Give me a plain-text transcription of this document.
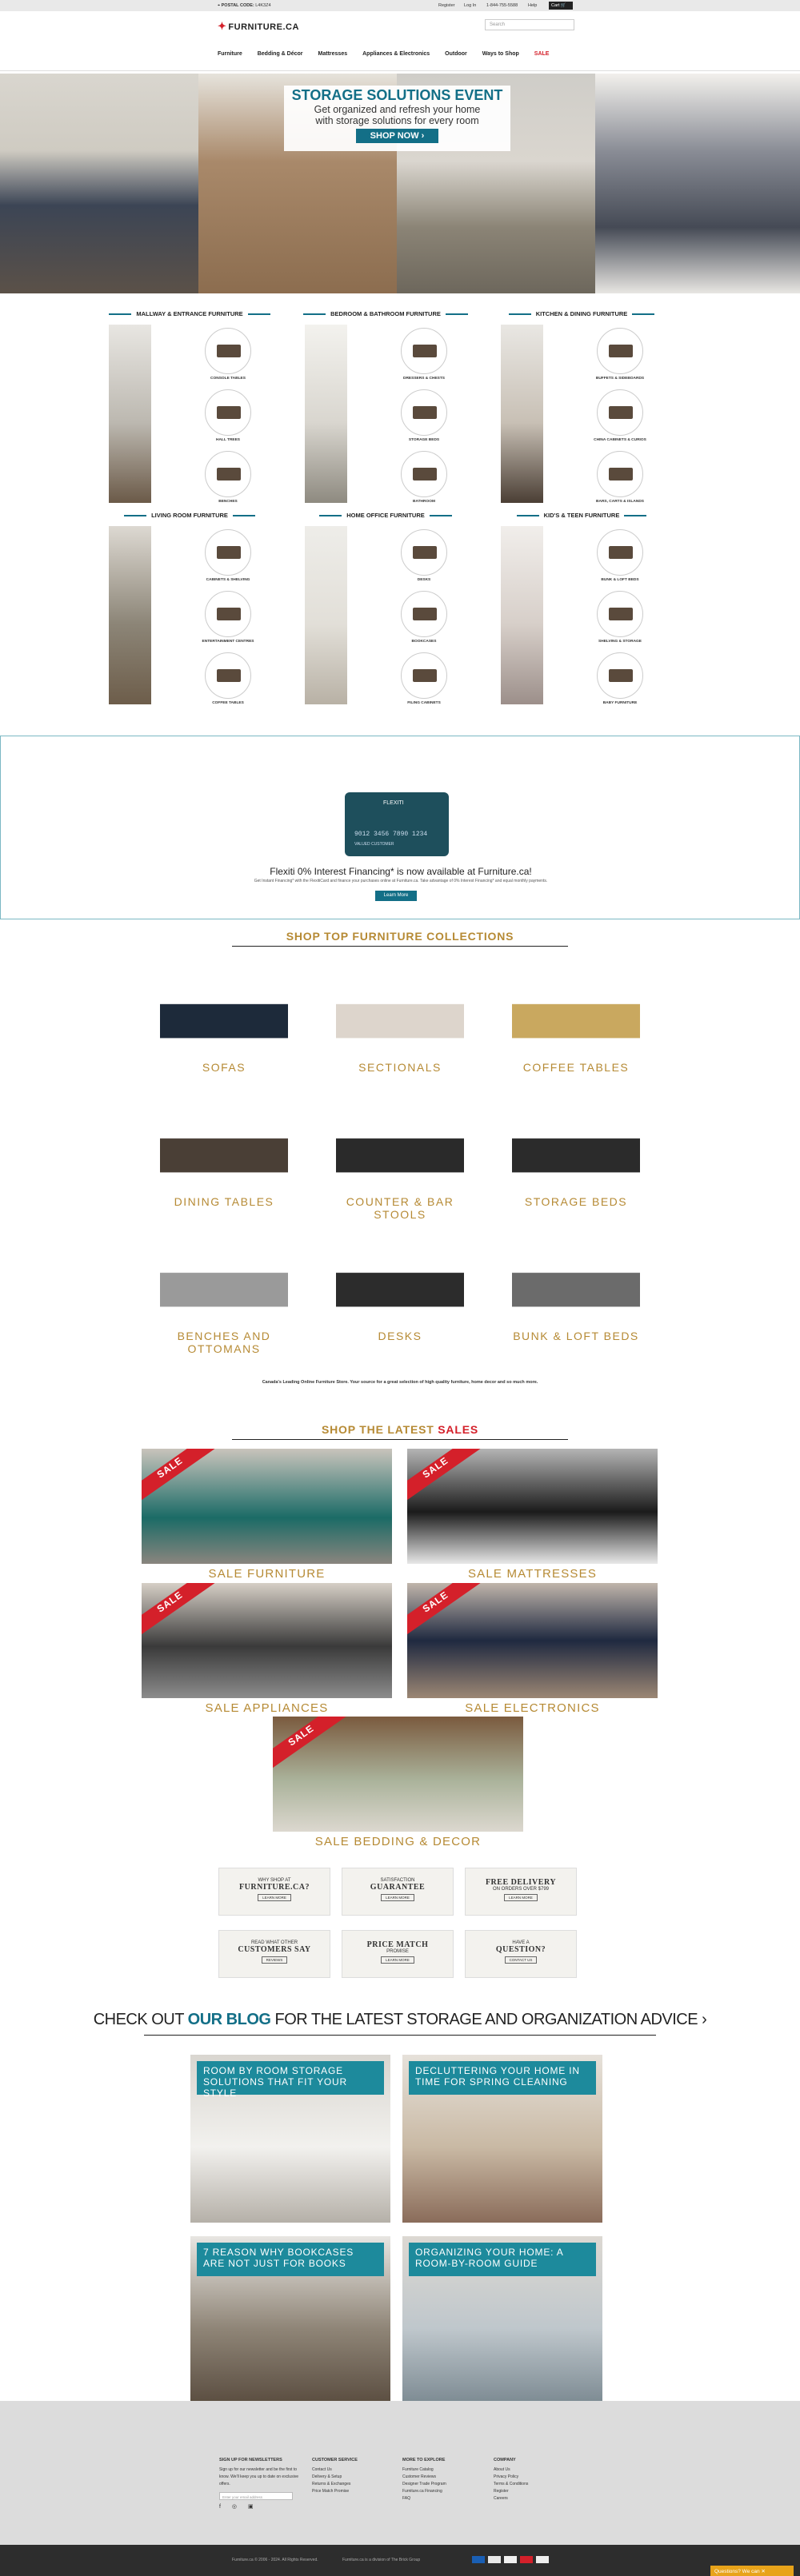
⌖ POSTAL CODE: L4K3Z4	Register Log In 1-844-755-5588 Help	Cart 🛒
✦ FURNITURE.CA	Search
Furniture	Bedding & Décor	Mattresses	Appliances & Electronics	Outdoor	Ways to Shop	SALE
STORAGE SOLUTIONS EVENT
Get organized and refresh your home
with storage solutions for every room
SHOP NOW ›
MALLWAY & ENTRANCE FURNITURE
CONSOLE TABLES
HALL TREES
BENCHES
BEDROOM & BATHROOM FURNITURE
DRESSERS & CHESTS
STORAGE BEDS
BATHROOM
KITCHEN & DINING FURNITURE
BUFFETS & SIDEBOARDS
CHINA CABINETS & CURIOS
BARS, CARTS & ISLANDS
LIVING ROOM FURNITURE
CABINETS & SHELVING
ENTERTAINMENT CENTRES
COFFEE TABLES
HOME OFFICE FURNITURE
DESKS
BOOKCASES
FILING CABINETS
KID'S & TEEN FURNITURE
BUNK & LOFT BEDS
SHELVING & STORAGE
BABY FURNITURE
FLEXITI
9012 3456 7890 1234
VALUED CUSTOMER
Flexiti 0% Interest Financing* is now available at Furniture.ca!

Get Instant Financing* with the FlexitiCard and finance your purchases online at Furniture.ca. Take advantage of 0% Interest Financing* and equal monthly payments.

Learn More
SHOP TOP FURNITURE COLLECTIONS
SOFAS	SECTIONALS	COFFEE TABLES
DINING TABLES	COUNTER & BAR STOOLS
STORAGE BEDS
BENCHES AND OTTOMANS
DESKS	BUNK & LOFT BEDS
Canada's Leading Online Furniture Store. Your source for a great selection of high quality furniture, home decor and so much more.
SHOP THE LATEST SALES
SALE
SALE FURNITURE
SALE
SALE MATTRESSES
SALE
SALE APPLIANCES
SALE
SALE ELECTRONICS
SALE
SALE BEDDING & DECOR
WHY SHOP AT
FURNITURE.CA?
LEARN MORE
SATISFACTION
GUARANTEE
LEARN MORE
FREE DELIVERY
ON ORDERS OVER $799
LEARN MORE
READ WHAT OTHER
CUSTOMERS SAY
REVIEWS
PRICE MATCH
PROMISE
LEARN MORE
HAVE A
QUESTION?
CONTACT US
CHECK OUT OUR BLOG FOR THE LATEST STORAGE AND ORGANIZATION ADVICE ›
ROOM BY ROOM STORAGE SOLUTIONS THAT FIT YOUR STYLE
DECLUTTERING YOUR HOME IN TIME FOR SPRING CLEANING
7 REASON WHY BOOKCASES ARE NOT JUST FOR BOOKS
ORGANIZING YOUR HOME: A ROOM-BY-ROOM GUIDE
SIGN UP FOR NEWSLETTERS
Sign up for our newsletter and be the first to know. We'll keep you up to date on exclusive offers.
Enter your email address
f ◎ ▣
CUSTOMER SERVICE
Contact Us
Delivery & Setup
Returns & Exchanges
Price Match Promise
MORE TO EXPLORE
Furniture Catalog
Customer Reviews
Designer Trade Program
Furniture.ca Financing
FAQ
COMPANY
About Us
Privacy Policy
Terms & Conditions
Register
Careers
Furniture.ca © 2006 - 2024. All Rights Reserved.	Furniture.ca is a division of The Brick Group
Questions? We can ✕
